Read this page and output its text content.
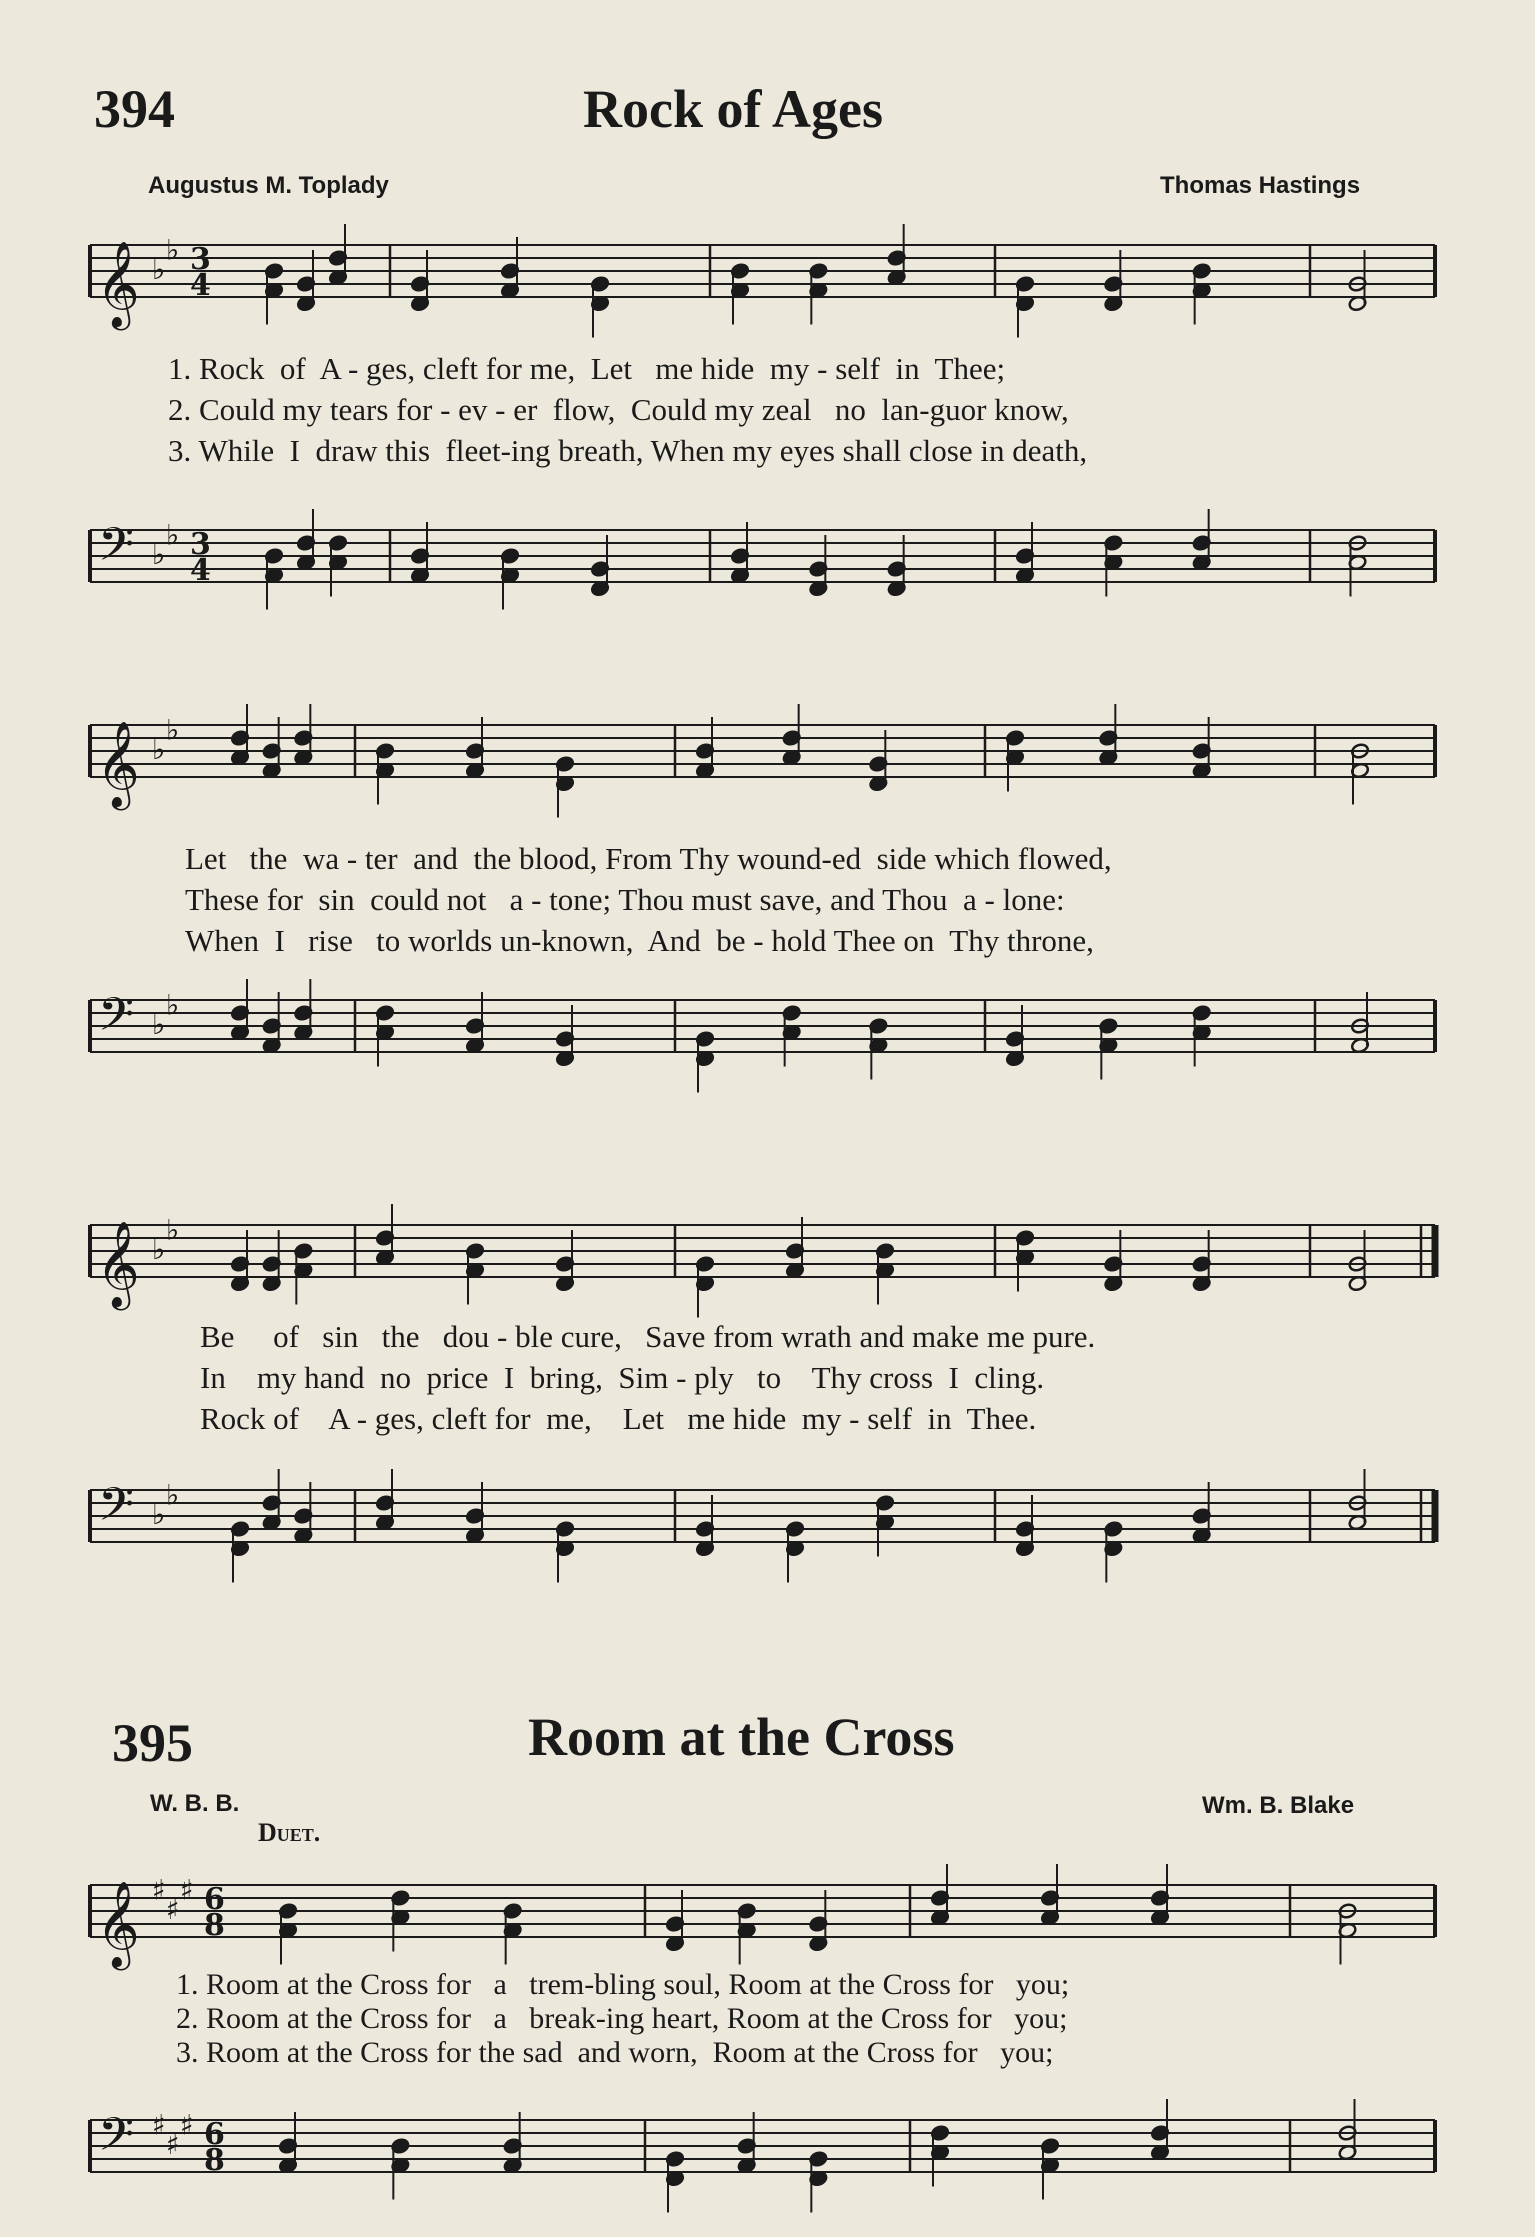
394	Rock of Ages
Augustus M. Toplady	Thomas Hastings
𝄞 ♭
♭ 3
4
1. Rock  of  A - ges, cleft for me,  Let   me hide  my - self  in  Thee;
2. Could my tears for - ev - er  flow,  Could my zeal   no  lan-guor know,
3. While  I  draw this  fleet-ing breath, When my eyes shall close in death,
𝄢 ♭
♭ 3
4
𝄞 ♭
♭
Let   the  wa - ter  and  the blood, From Thy wound-ed  side which flowed,
These for  sin  could not   a - tone; Thou must save, and Thou  a - lone:
When  I   rise   to worlds un-known,  And  be - hold Thee on  Thy throne,
𝄢 ♭
♭
𝄞 ♭
♭
Be     of   sin   the   dou - ble cure,   Save from wrath and make me pure.
In    my hand  no  price  I  bring,  Sim - ply   to    Thy cross  I  cling.
Rock of    A - ges, cleft for  me,    Let   me hide  my - self  in  Thee.
𝄢 ♭
♭
395	Room at the Cross
W. B. B.
Duet.
Wm. B. Blake
𝄞 ♯
♯
♯ 6
8
1. Room at the Cross for   a   trem-bling soul, Room at the Cross for   you;
2. Room at the Cross for   a   break-ing heart, Room at the Cross for   you;
3. Room at the Cross for the sad  and worn,  Room at the Cross for   you;
𝄢 ♯
♯
♯ 6
8
